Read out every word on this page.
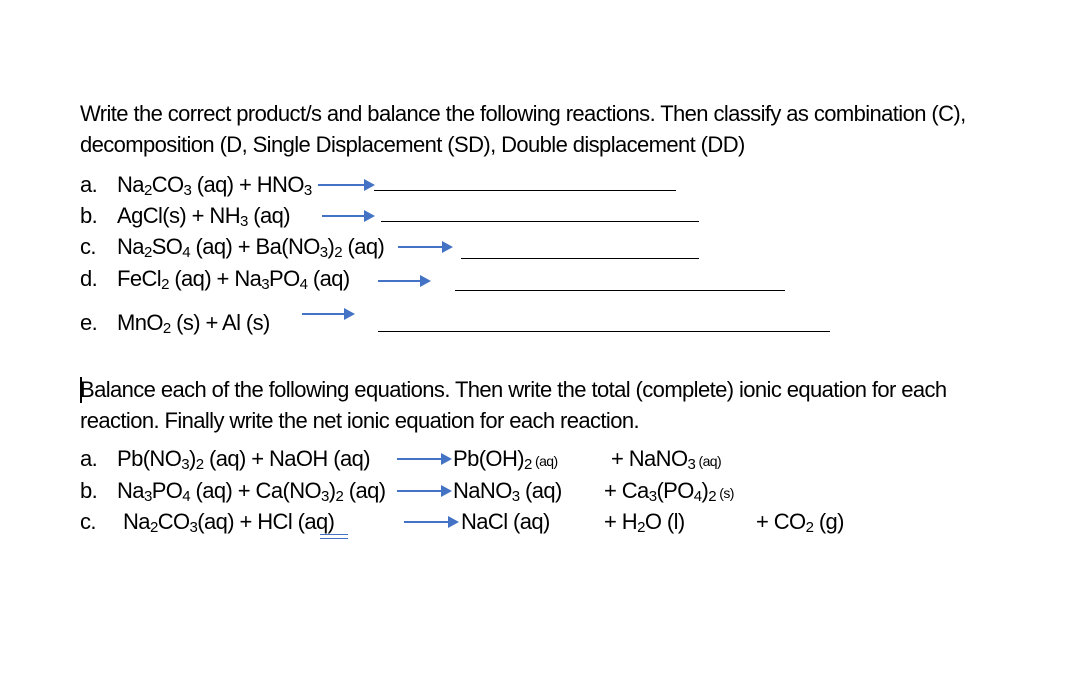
Write the correct product/s and balance the following reactions. Then classify as combination (C),
decomposition (D, Single Displacement (SD), Double displacement (DD)
a. $Na_2CO_3$ $(aq) + HNO_3$
b. AgCl(s) + $NH_3$ (aq)
c. $Na_2SO_4$ $(aq) + Ba(NO_3)_2$ (aq)
d. FeCl$_2$ $(aq) + Na_3PO_4$ (aq)
e. MnO$_2$ (s) + Al (s)
Balance each of the following equations. Then write the total (complete) ionic equation for each
reaction. Finally write the net ionic equation for each reaction.
a. $Pb(NO_3)_2$ (aq) + NaOH (aq)	$Pb(OH)_2$ (aq) + NaNO$_3$ (aq)
b. $Na_3PO_4$ $(aq) + Ca(NO_3)_2$ (aq)	NaNO$_3$ $(aq) + Ca_3(PO_4)_2$ (s)
c. $Na_2CO_3(aq)$ + HCl (aq)	NaCl $(aq) + H_2O$ (l)	+ $CO_2$ (g)
